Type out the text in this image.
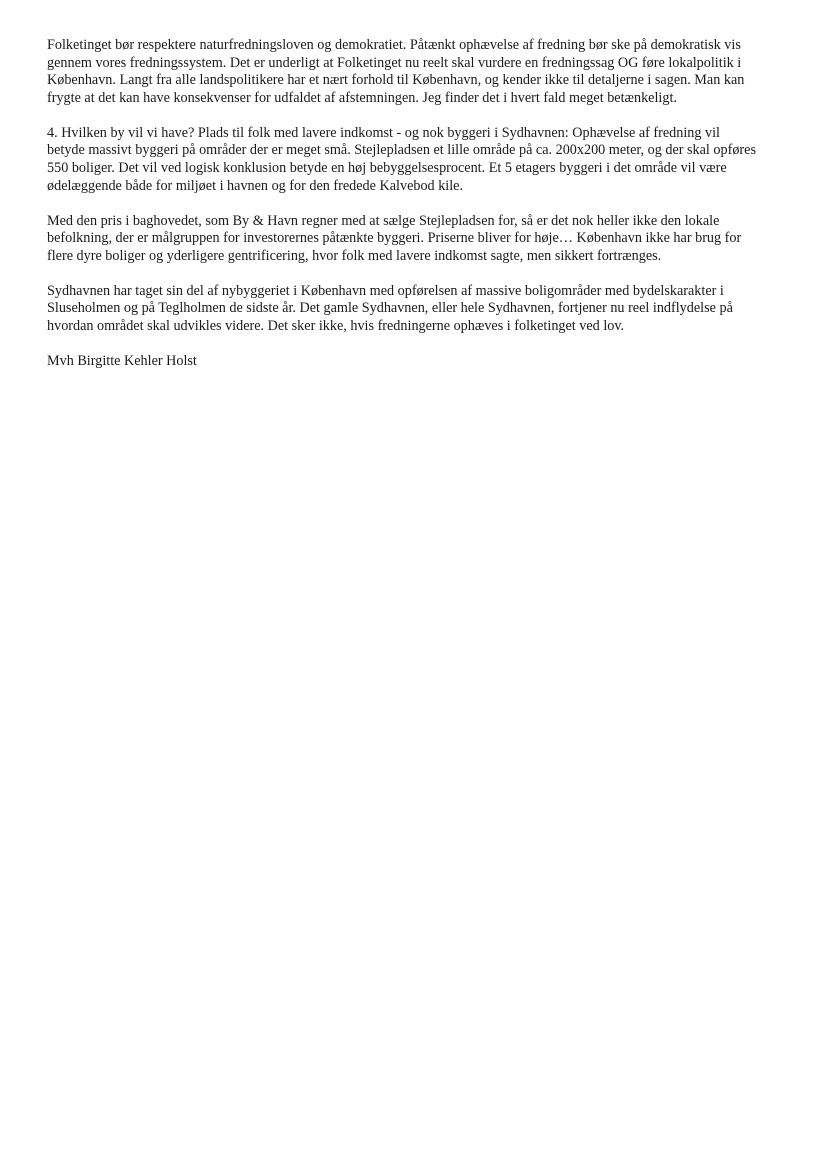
Folketinget bør respektere naturfredningsloven og demokratiet. Påtænkt ophævelse af fredning bør ske på demokratisk vis
gennem vores fredningssystem. Det er underligt at Folketinget nu reelt skal vurdere en fredningssag OG føre lokalpolitik i
København. Langt fra alle landspolitikere har et nært forhold til København, og kender ikke til detaljerne i sagen. Man kan
frygte at det kan have konsekvenser for udfaldet af afstemningen. Jeg finder det i hvert fald meget betænkeligt.

4. Hvilken by vil vi have? Plads til folk med lavere indkomst - og nok byggeri i Sydhavnen: Ophævelse af fredning vil
betyde massivt byggeri på områder der er meget små. Stejlepladsen et lille område på ca. 200x200 meter, og der skal opføres
550 boliger. Det vil ved logisk konklusion betyde en høj bebyggelsesprocent. Et 5 etagers byggeri i det område vil være
ødelæggende både for miljøet i havnen og for den fredede Kalvebod kile.

Med den pris i baghovedet, som By & Havn regner med at sælge Stejlepladsen for, så er det nok heller ikke den lokale
befolkning, der er målgruppen for investorernes påtænkte byggeri. Priserne bliver for høje… København ikke har brug for
flere dyre boliger og yderligere gentrificering, hvor folk med lavere indkomst sagte, men sikkert fortrænges.

Sydhavnen har taget sin del af nybyggeriet i København med opførelsen af massive boligområder med bydelskarakter i
Sluseholmen og på Teglholmen de sidste år. Det gamle Sydhavnen, eller hele Sydhavnen, fortjener nu reel indflydelse på
hvordan området skal udvikles videre. Det sker ikke, hvis fredningerne ophæves i folketinget ved lov.

Mvh Birgitte Kehler Holst
